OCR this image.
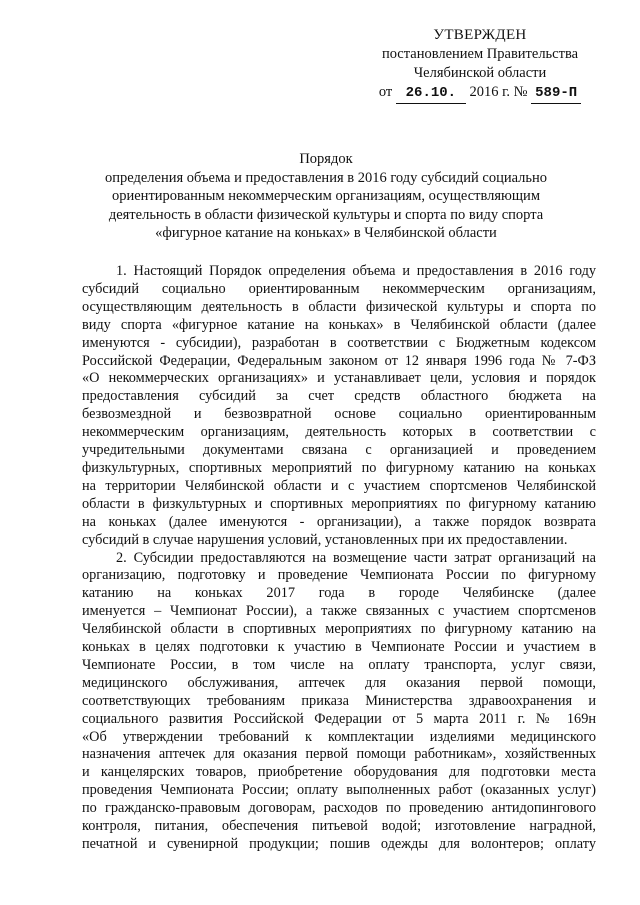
УТВЕРЖДЕН
постановлением Правительства
Челябинской области
от 26.10. 2016 г. № 589-П
Порядок
определения объема и предоставления в 2016 году субсидий социально
ориентированным некоммерческим организациям, осуществляющим
деятельность в области физической культуры и спорта по виду спорта
«фигурное катание на коньках» в Челябинской области
1. Настоящий Порядок определения объема и предоставления в 2016 году
субсидий социально ориентированным некоммерческим организациям,
осуществляющим деятельность в области физической культуры и спорта по
виду спорта «фигурное катание на коньках» в Челябинской области (далее
именуются - субсидии), разработан в соответствии с Бюджетным кодексом
Российской Федерации, Федеральным законом от 12 января 1996 года № 7-ФЗ
«О некоммерческих организациях» и устанавливает цели, условия и порядок
предоставления субсидий за счет средств областного бюджета на
безвозмездной и безвозвратной основе социально ориентированным
некоммерческим организациям, деятельность которых в соответствии с
учредительными документами связана с организацией и проведением
физкультурных, спортивных мероприятий по фигурному катанию на коньках
на территории Челябинской области и с участием спортсменов Челябинской
области в физкультурных и спортивных мероприятиях по фигурному катанию
на коньках (далее именуются - организации), а также порядок возврата
субсидий в случае нарушения условий, установленных при их предоставлении.
2. Субсидии предоставляются на возмещение части затрат организаций на
организацию, подготовку и проведение Чемпионата России по фигурному
катанию на коньках 2017 года в городе Челябинске (далее
именуется – Чемпионат России), а также связанных с участием спортсменов
Челябинской области в спортивных мероприятиях по фигурному катанию на
коньках в целях подготовки к участию в Чемпионате России и участием в
Чемпионате России, в том числе на оплату транспорта, услуг связи,
медицинского обслуживания, аптечек для оказания первой помощи,
соответствующих требованиям приказа Министерства здравоохранения и
социального развития Российской Федерации от 5 марта 2011 г. № 169н
«Об утверждении требований к комплектации изделиями медицинского
назначения аптечек для оказания первой помощи работникам», хозяйственных
и канцелярских товаров, приобретение оборудования для подготовки места
проведения Чемпионата России; оплату выполненных работ (оказанных услуг)
по гражданско-правовым договорам, расходов по проведению антидопингового
контроля, питания, обеспечения питьевой водой; изготовление наградной,
печатной и сувенирной продукции; пошив одежды для волонтеров; оплату
